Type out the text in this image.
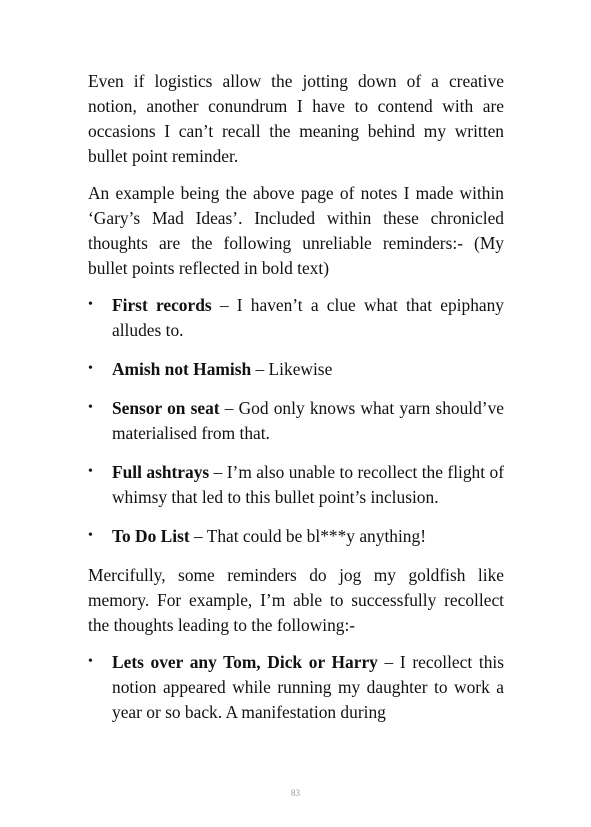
Even if logistics allow the jotting down of a creative notion, another conundrum I have to contend with are occasions I can’t recall the meaning behind my written bullet point reminder.

An example being the above page of notes I made within ‘Gary’s Mad Ideas’. Included within these chronicled thoughts are the following unreliable reminders:- (My bullet points reflected in bold text)

• First records – I haven’t a clue what that epiphany alludes to.
• Amish not Hamish – Likewise
• Sensor on seat – God only knows what yarn should’ve materialised from that.
• Full ashtrays – I’m also unable to recollect the flight of whimsy that led to this bullet point’s inclusion.
• To Do List – That could be bl***y anything!

Mercifully, some reminders do jog my goldfish like memory. For example, I’m able to successfully recollect the thoughts leading to the following:-

• Lets over any Tom, Dick or Harry – I recollect this notion appeared while running my daughter to work a year or so back. A manifestation during
83
